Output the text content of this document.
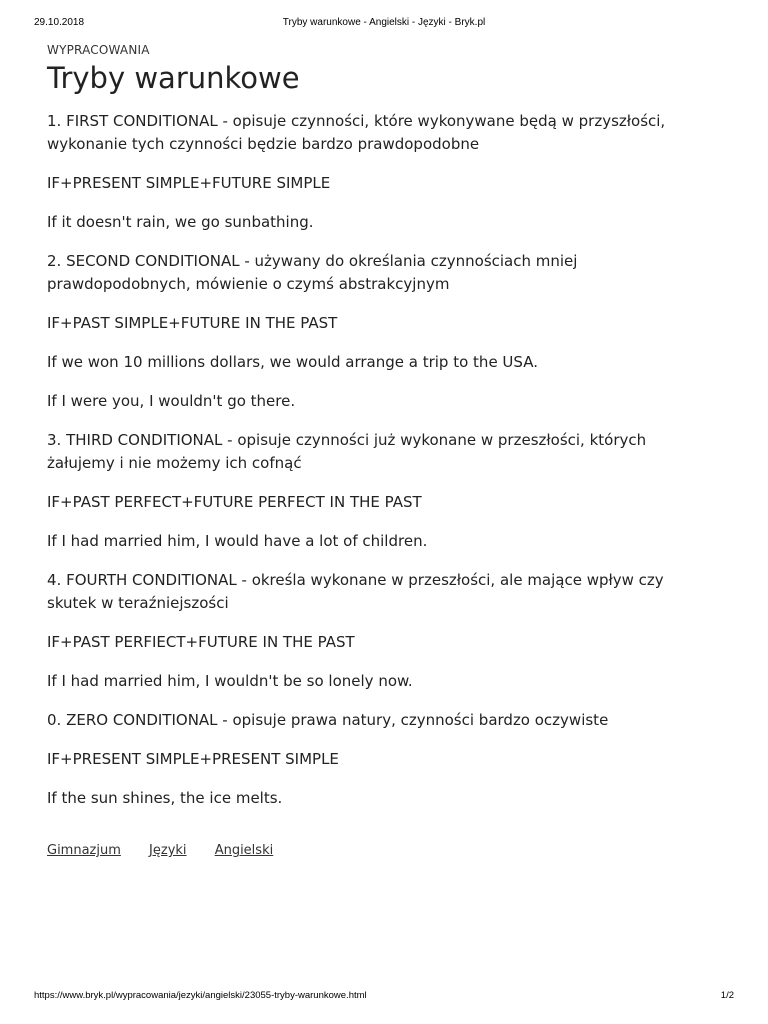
29.10.2018	Tryby warunkowe - Angielski - Języki - Bryk.pl

WYPRACOWANIA

Tryby warunkowe

1. FIRST CONDITIONAL - opisuje czynności, które wykonywane będą w przyszłości, wykonanie tych czynności będzie bardzo prawdopodobne

IF+PRESENT SIMPLE+FUTURE SIMPLE

If it doesn't rain, we go sunbathing.

2. SECOND CONDITIONAL - używany do określania czynnościach mniej prawdopodobnych, mówienie o czymś abstrakcyjnym

IF+PAST SIMPLE+FUTURE IN THE PAST

If we won 10 millions dollars, we would arrange a trip to the USA.

If I were you, I wouldn't go there.

3. THIRD CONDITIONAL - opisuje czynności już wykonane w przeszłości, których żałujemy i nie możemy ich cofnąć

IF+PAST PERFECT+FUTURE PERFECT IN THE PAST

If I had married him, I would have a lot of children.

4. FOURTH CONDITIONAL - określa wykonane w przeszłości, ale mające wpływ czy skutek w teraźniejszości

IF+PAST PERFIECT+FUTURE IN THE PAST

If I had married him, I wouldn't be so lonely now.

0. ZERO CONDITIONAL - opisuje prawa natury, czynności bardzo oczywiste

IF+PRESENT SIMPLE+PRESENT SIMPLE

If the sun shines, the ice melts.

Gimnazjum Języki Angielski
https://www.bryk.pl/wypracowania/jezyki/angielski/23055-tryby-warunkowe.html	1/2
